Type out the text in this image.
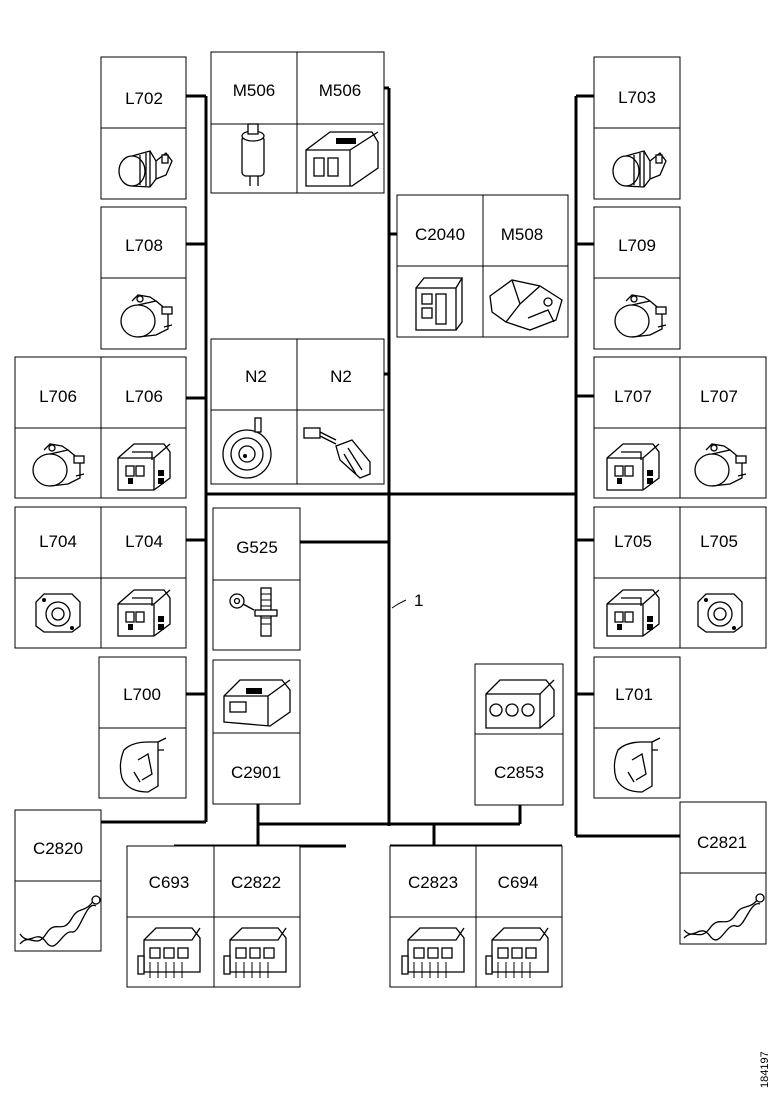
1
L702
L708
L706	L706
L704	L704
L700
C2820
M506	M506
N2	N2
G525
C2901
C693 C2822
C2040 M508
C2853
C2823 C694
L703
L709
L707	L707
L705	L705
L701
C2821
184197
